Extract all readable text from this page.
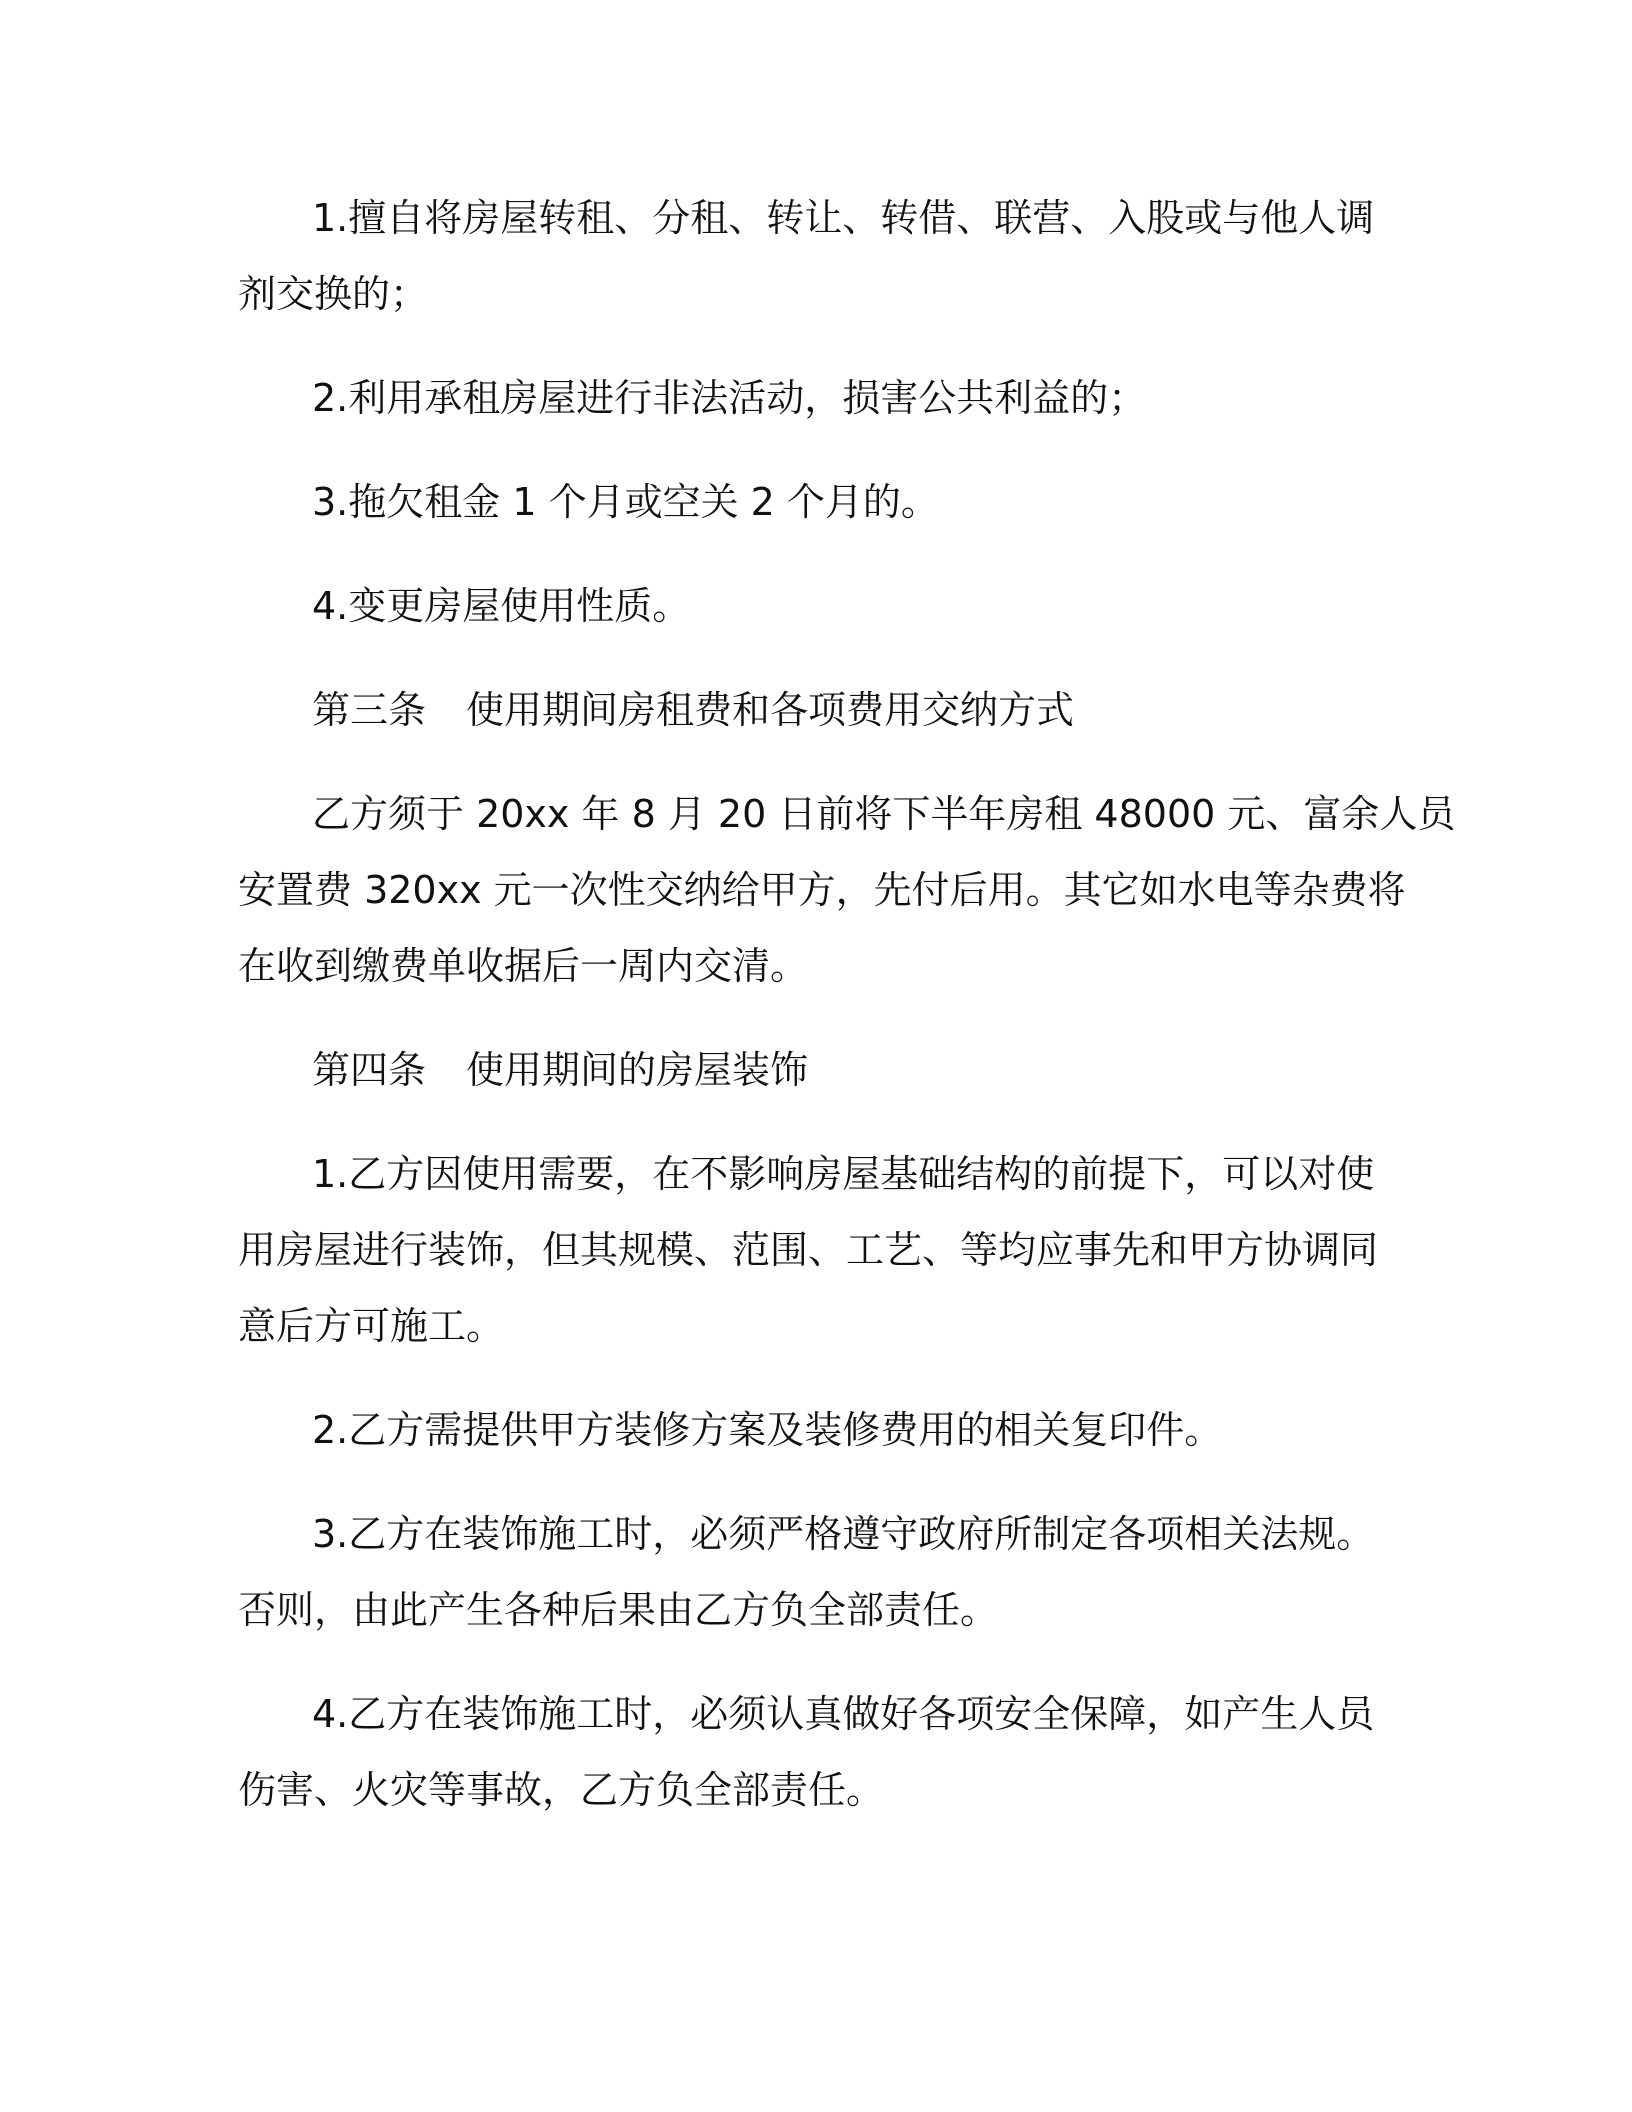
1.擅自将房屋转租、分租、转让、转借、联营、入股或与他人调

剂交换的；

2.利用承租房屋进行非法活动，损害公共利益的；

3.拖欠租金 1 个月或空关 2 个月的。

4.变更房屋使用性质。

第三条 使用期间房租费和各项费用交纳方式

乙方须于 20xx 年 8 月 20 日前将下半年房租 48000 元、富余人员

安置费 320xx 元一次性交纳给甲方，先付后用。其它如水电等杂费将

在收到缴费单收据后一周内交清。

第四条 使用期间的房屋装饰

1.乙方因使用需要，在不影响房屋基础结构的前提下，可以对使

用房屋进行装饰，但其规模、范围、工艺、等均应事先和甲方协调同

意后方可施工。

2.乙方需提供甲方装修方案及装修费用的相关复印件。

3.乙方在装饰施工时，必须严格遵守政府所制定各项相关法规。

否则，由此产生各种后果由乙方负全部责任。

4.乙方在装饰施工时，必须认真做好各项安全保障，如产生人员

伤害、火灾等事故，乙方负全部责任。
